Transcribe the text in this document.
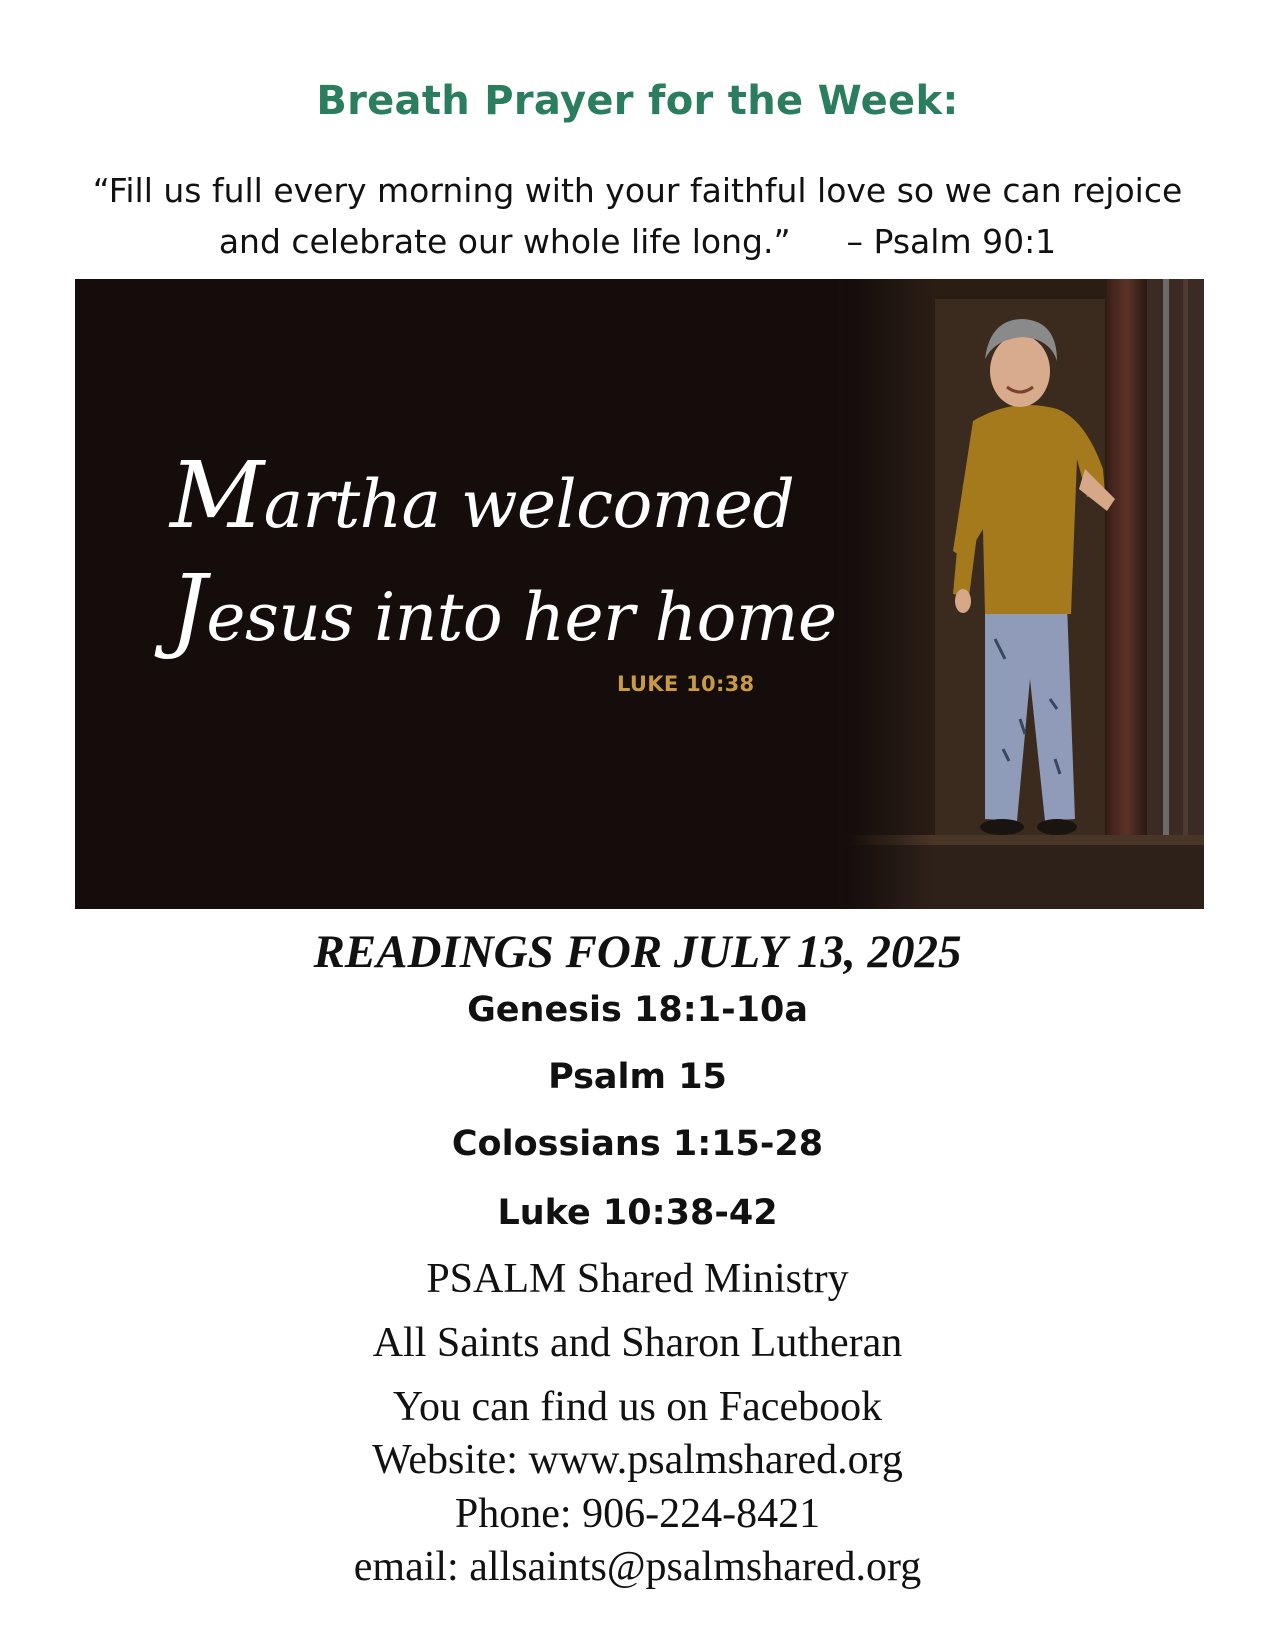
Breath Prayer for the Week:
“Fill us full every morning with your faithful love so we can rejoice
and celebrate our whole life long.” – Psalm 90:1
Martha welcomed
Jesus into her home
LUKE 10:38
READINGS FOR JULY 13, 2025
Genesis 18:1-10a
Psalm 15
Colossians 1:15-28
Luke 10:38-42
PSALM Shared Ministry
All Saints and Sharon Lutheran
You can find us on Facebook
Website: www.psalmshared.org
Phone: 906-224-8421
email: allsaints@psalmshared.org
